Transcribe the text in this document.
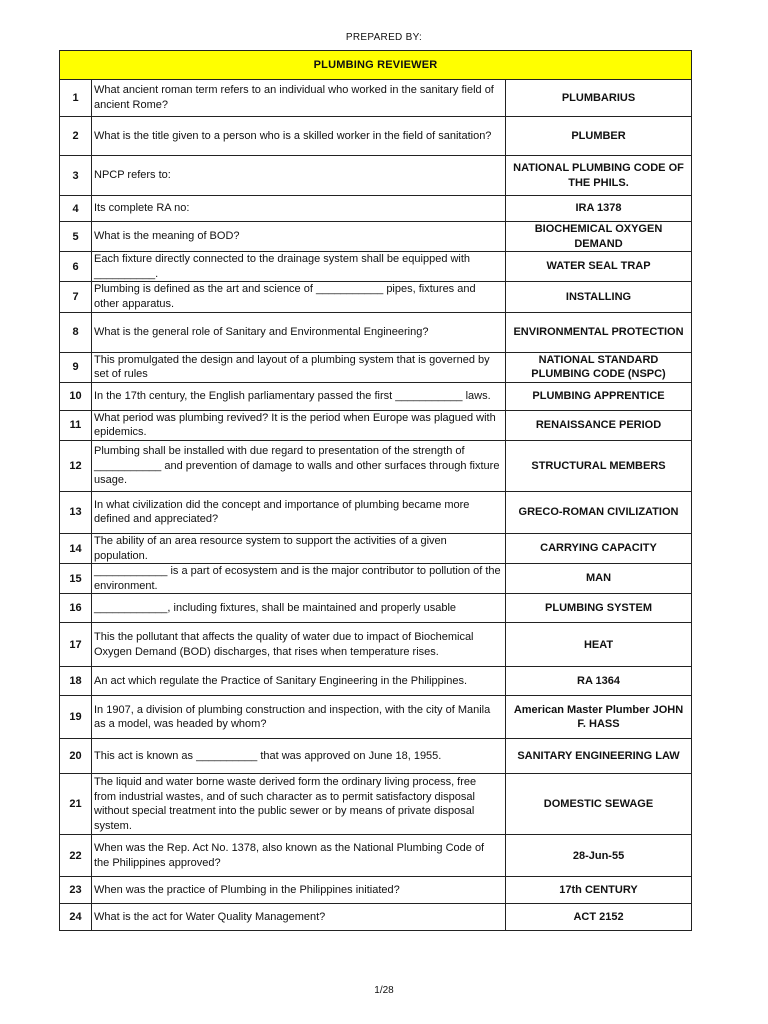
PREPARED BY:
PLUMBING REVIEWER		
1	What ancient roman term refers to an individual who worked in the sanitary field of ancient Rome?	PLUMBARIUS
2	What is the title given to a person who is a skilled worker in the field of sanitation?	PLUMBER
3	NPCP refers to:	NATIONAL PLUMBING CODE OF THE PHILS.
4	Its complete RA no:	IRA 1378
5	What is the meaning of BOD?	BIOCHEMICAL OXYGEN DEMAND
6	Each fixture directly connected to the drainage system shall be equipped with __________.	WATER SEAL TRAP
7	Plumbing is defined as the art and science of ___________ pipes, fixtures and other apparatus.	INSTALLING
8	What is the general role of Sanitary and Environmental Engineering?	ENVIRONMENTAL PROTECTION
9	This promulgated the design and layout of a plumbing system that is governed by set of rules	NATIONAL STANDARD PLUMBING CODE (NSPC)
10	In the 17th century, the English parliamentary passed the first ___________ laws.	PLUMBING APPRENTICE
11	What period was plumbing revived? It is the period when Europe was plagued with epidemics.	RENAISSANCE PERIOD
12	Plumbing shall be installed with due regard to presentation of the strength of ___________ and prevention of damage to walls and other surfaces through fixture usage.	STRUCTURAL MEMBERS
13	In what civilization did the concept and importance of plumbing became more defined and appreciated?	GRECO-ROMAN CIVILIZATION
14	The ability of an area resource system to support the activities of a given population.	CARRYING CAPACITY
15	____________ is a part of ecosystem and is the major contributor to pollution of the environment.	MAN
16	____________, including fixtures, shall be maintained and properly usable	PLUMBING SYSTEM
17	This the pollutant that affects the quality of water due to impact of Biochemical Oxygen Demand (BOD) discharges, that rises when temperature rises.	HEAT
18	An act which regulate the Practice of Sanitary Engineering in the Philippines.	RA 1364
19	In 1907, a division of plumbing construction and inspection, with the city of Manila as a model, was headed by whom?	American Master Plumber JOHN F. HASS
20	This act is known as __________ that was approved on June 18, 1955.	SANITARY ENGINEERING LAW
21	The liquid and water borne waste derived form the ordinary living process, free from industrial wastes, and of such character as to permit satisfactory disposal without special treatment into the public sewer or by means of private disposal system.	DOMESTIC SEWAGE
22	When was the Rep. Act No. 1378, also known as the National Plumbing Code of the Philippines approved?	28-Jun-55
23	When was the practice of Plumbing in the Philippines initiated?	17th CENTURY
24	What is the act for Water Quality Management?	ACT 2152
1/28
